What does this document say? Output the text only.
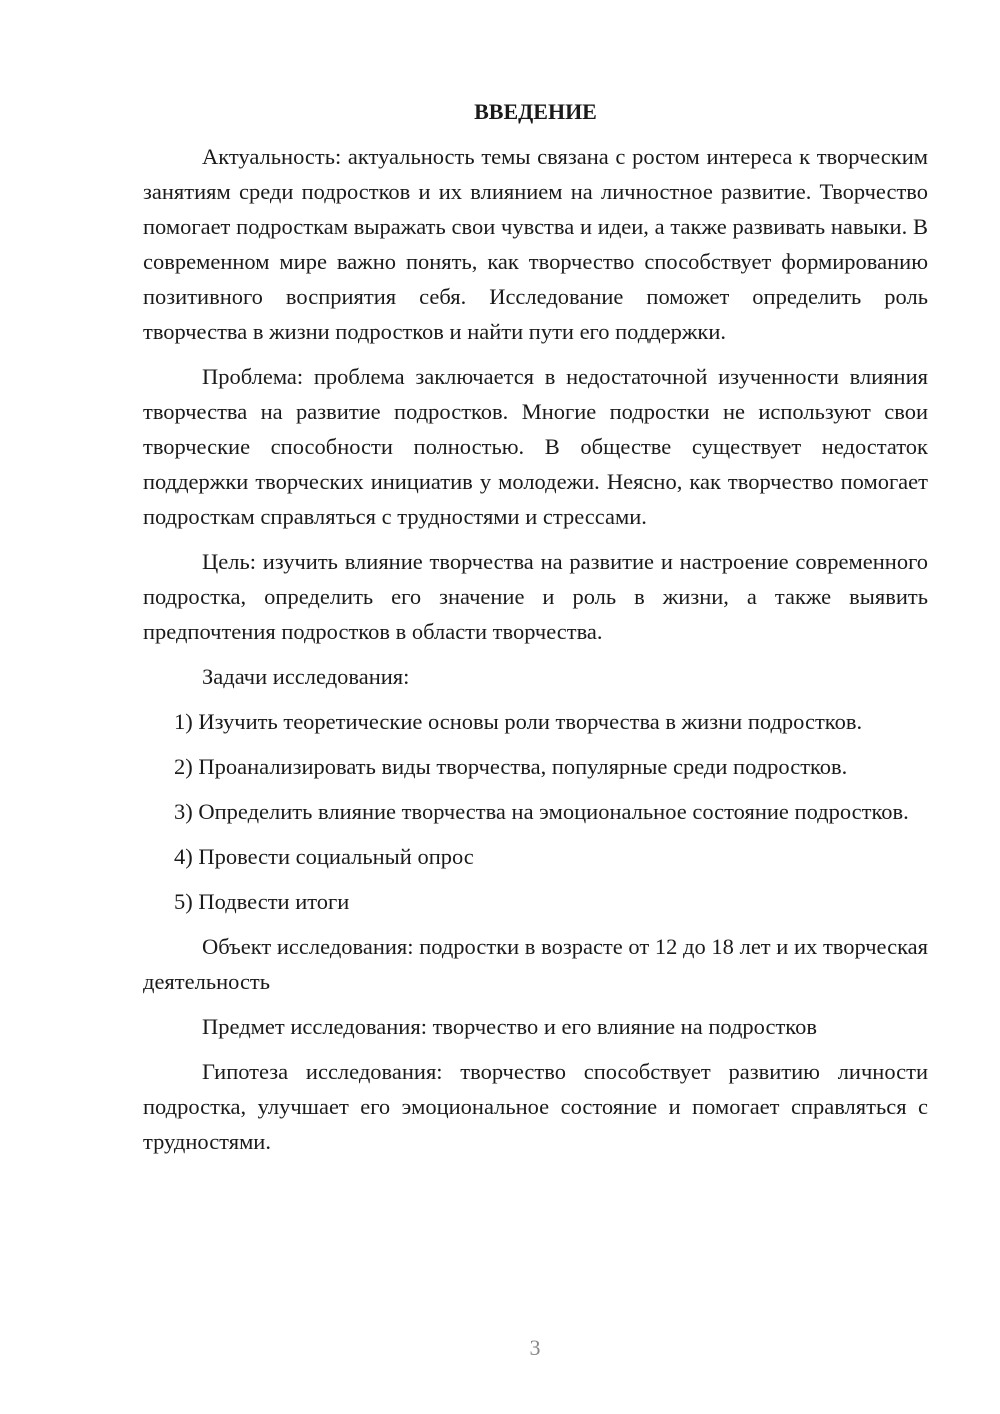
ВВЕДЕНИЕ

Актуальность: актуальность темы связана с ростом интереса к творческим занятиям среди подростков и их влиянием на личностное развитие. Творчество помогает подросткам выражать свои чувства и идеи, а также развивать навыки. В современном мире важно понять, как творчество способствует формированию позитивного восприятия себя. Исследование поможет определить роль творчества в жизни подростков и найти пути его поддержки.

Проблема: проблема заключается в недостаточной изученности влияния творчества на развитие подростков. Многие подростки не используют свои творческие способности полностью. В обществе существует недостаток поддержки творческих инициатив у молодежи. Неясно, как творчество помогает подросткам справляться с трудностями и стрессами.

Цель: изучить влияние творчества на развитие и настроение современного подростка, определить его значение и роль в жизни, а также выявить предпочтения подростков в области творчества.

Задачи исследования:

1) Изучить теоретические основы роли творчества в жизни подростков.

2) Проанализировать виды творчества, популярные среди подростков.

3) Определить влияние творчества на эмоциональное состояние подростков.

4) Провести социальный опрос

5) Подвести итоги

Объект исследования: подростки в возрасте от 12 до 18 лет и их творческая деятельность

Предмет исследования: творчество и его влияние на подростков

Гипотеза исследования: творчество способствует развитию личности подростка, улучшает его эмоциональное состояние и помогает справляться с трудностями.

3
